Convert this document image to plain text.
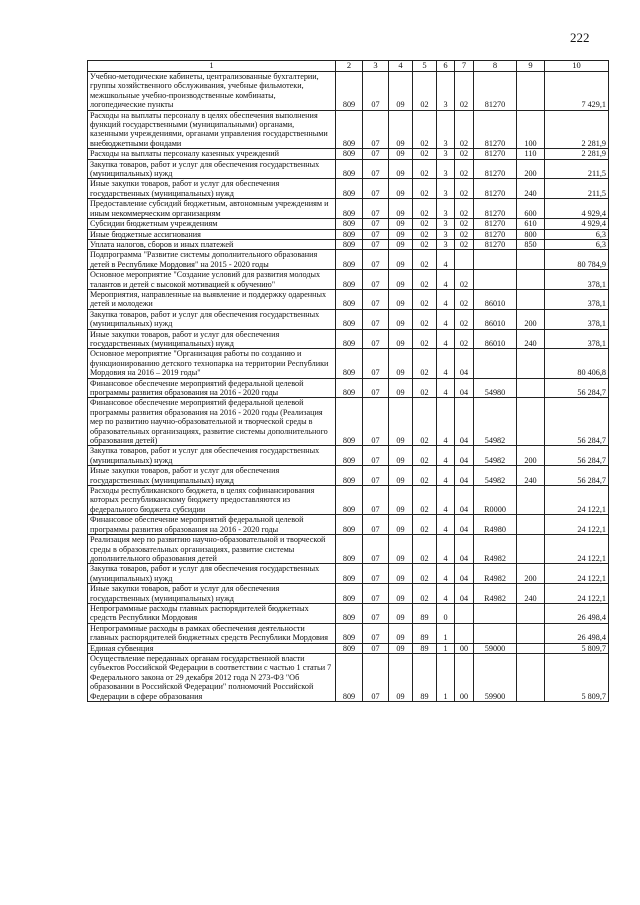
222
1	2	3	4	5	6	7	8	9	10
Учебно-методические кабинеты, централизованные бухгалтерии, группы хозяйственного обслуживания, учебные фильмотеки, межшкольные учебно-производственные комбинаты, логопедические пункты	809	07	09	02	3	02	81270		7 429,1
Расходы на выплаты персоналу в целях обеспечения выполнения функций государственными (муниципальными) органами, казенными учреждениями, органами управления государственными внебюджетными фондами	809	07	09	02	3	02	81270	100	2 281,9
Расходы на выплаты персоналу казенных учреждений	809	07	09	02	3	02	81270	110	2 281,9
Закупка товаров, работ и услуг для обеспечения государственных (муниципальных) нужд	809	07	09	02	3	02	81270	200	211,5
Иные закупки товаров, работ и услуг для обеспечения государственных (муниципальных) нужд	809	07	09	02	3	02	81270	240	211,5
Предоставление субсидий бюджетным, автономным учреждениям и иным некоммерческим организациям	809	07	09	02	3	02	81270	600	4 929,4
Субсидии бюджетным учреждениям	809	07	09	02	3	02	81270	610	4 929,4
Иные бюджетные ассигнования	809	07	09	02	3	02	81270	800	6,3
Уплата налогов, сборов и иных платежей	809	07	09	02	3	02	81270	850	6,3
Подпрограмма "Развитие системы дополнительного образования детей в Республике Мордовия" на 2015 - 2020 годы	809	07	09	02	4				80 784,9
Основное мероприятие "Создание условий для развития молодых талантов и детей с высокой мотивацией к обучению"	809	07	09	02	4	02			378,1
Мероприятия, направленные на выявление и поддержку одаренных детей и молодежи	809	07	09	02	4	02	86010		378,1
Закупка товаров, работ и услуг для обеспечения государственных (муниципальных) нужд	809	07	09	02	4	02	86010	200	378,1
Иные закупки товаров, работ и услуг для обеспечения государственных (муниципальных) нужд	809	07	09	02	4	02	86010	240	378,1
Основное мероприятие "Организация работы по созданию и функционированию детского технопарка на территории Республики Мордовия на 2016 – 2019 годы"	809	07	09	02	4	04			80 406,8
Финансовое обеспечение мероприятий федеральной целевой программы развития образования на 2016 - 2020 годы	809	07	09	02	4	04	54980		56 284,7
Финансовое обеспечение мероприятий федеральной целевой программы развития образования на 2016 - 2020 годы (Реализация мер по развитию научно-образовательной и творческой среды в образовательных организациях, развитие системы дополнительного образования детей)	809	07	09	02	4	04	54982		56 284,7
Закупка товаров, работ и услуг для обеспечения государственных (муниципальных) нужд	809	07	09	02	4	04	54982	200	56 284,7
Иные закупки товаров, работ и услуг для обеспечения государственных (муниципальных) нужд	809	07	09	02	4	04	54982	240	56 284,7
Расходы республиканского бюджета, в целях софинансирования которых республиканскому бюджету предоставляются из федерального бюджета субсидии	809	07	09	02	4	04	R0000		24 122,1
Финансовое обеспечение мероприятий федеральной целевой программы развития образования на 2016 - 2020 годы	809	07	09	02	4	04	R4980		24 122,1
Реализация мер по развитию научно-образовательной и творческой среды в образовательных организациях, развитие системы дополнительного образования детей	809	07	09	02	4	04	R4982		24 122,1
Закупка товаров, работ и услуг для обеспечения государственных (муниципальных) нужд	809	07	09	02	4	04	R4982	200	24 122,1
Иные закупки товаров, работ и услуг для обеспечения государственных (муниципальных) нужд	809	07	09	02	4	04	R4982	240	24 122,1
Непрограммные расходы главных распорядителей бюджетных средств Республики Мордовия	809	07	09	89	0				26 498,4
Непрограммные расходы в рамках обеспечения деятельности главных распорядителей бюджетных средств Республики Мордовия	809	07	09	89	1				26 498,4
Единая субвенция	809	07	09	89	1	00	59000		5 809,7
Осуществление переданных органам государственной власти субъектов Российской Федерации в соответствии с частью 1 статьи 7 Федерального закона от 29 декабря 2012 года N 273-ФЗ "Об образовании в Российской Федерации" полномочий Российской Федерации в сфере образования	809	07	09	89	1	00	59900		5 809,7
